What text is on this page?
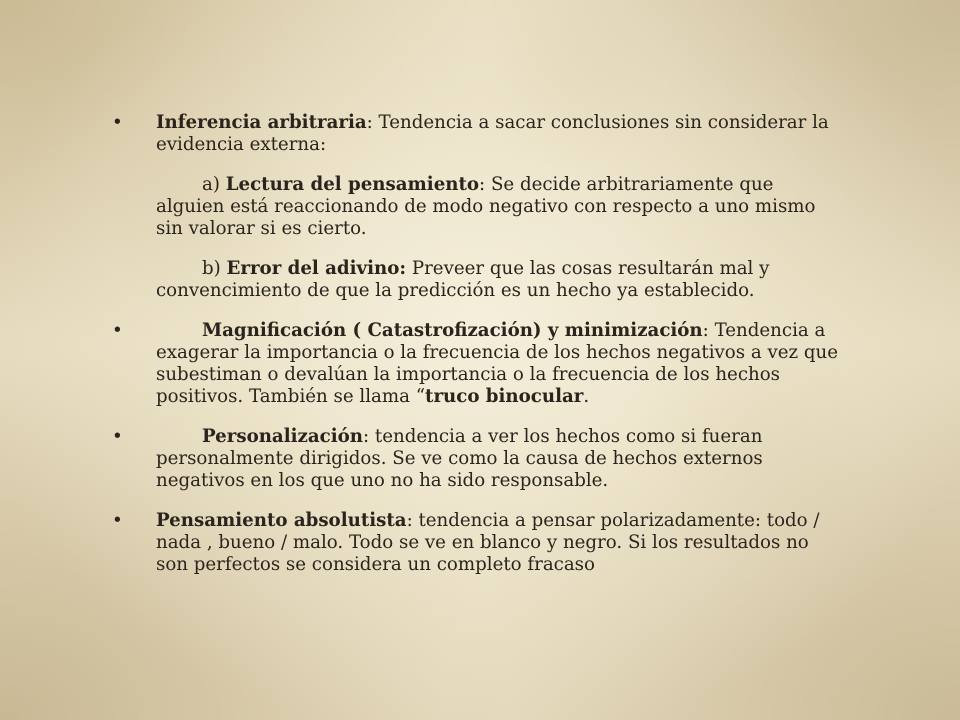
• Inferencia arbitraria: Tendencia a sacar conclusiones sin considerar la evidencia externa:
a) Lectura del pensamiento: Se decide arbitrariamente que alguien está reaccionando de modo negativo con respecto a uno mismo sin valorar si es cierto.
b) Error del adivino: Preveer que las cosas resultarán mal y convencimiento de que la predicción es un hecho ya establecido.
•	Magnificación ( Catastrofización) y minimización: Tendencia a exagerar la importancia o la frecuencia de los hechos negativos a vez que subestiman o devalúan la importancia o la frecuencia de los hechos positivos. También se llama “truco binocular.
•	Personalización: tendencia a ver los hechos como si fueran personalmente dirigidos. Se ve como la causa de hechos externos negativos en los que uno no ha sido responsable.
• Pensamiento absolutista: tendencia a pensar polarizadamente: todo / nada , bueno / malo. Todo se ve en blanco y negro. Si los resultados no son perfectos se considera un completo fracaso
